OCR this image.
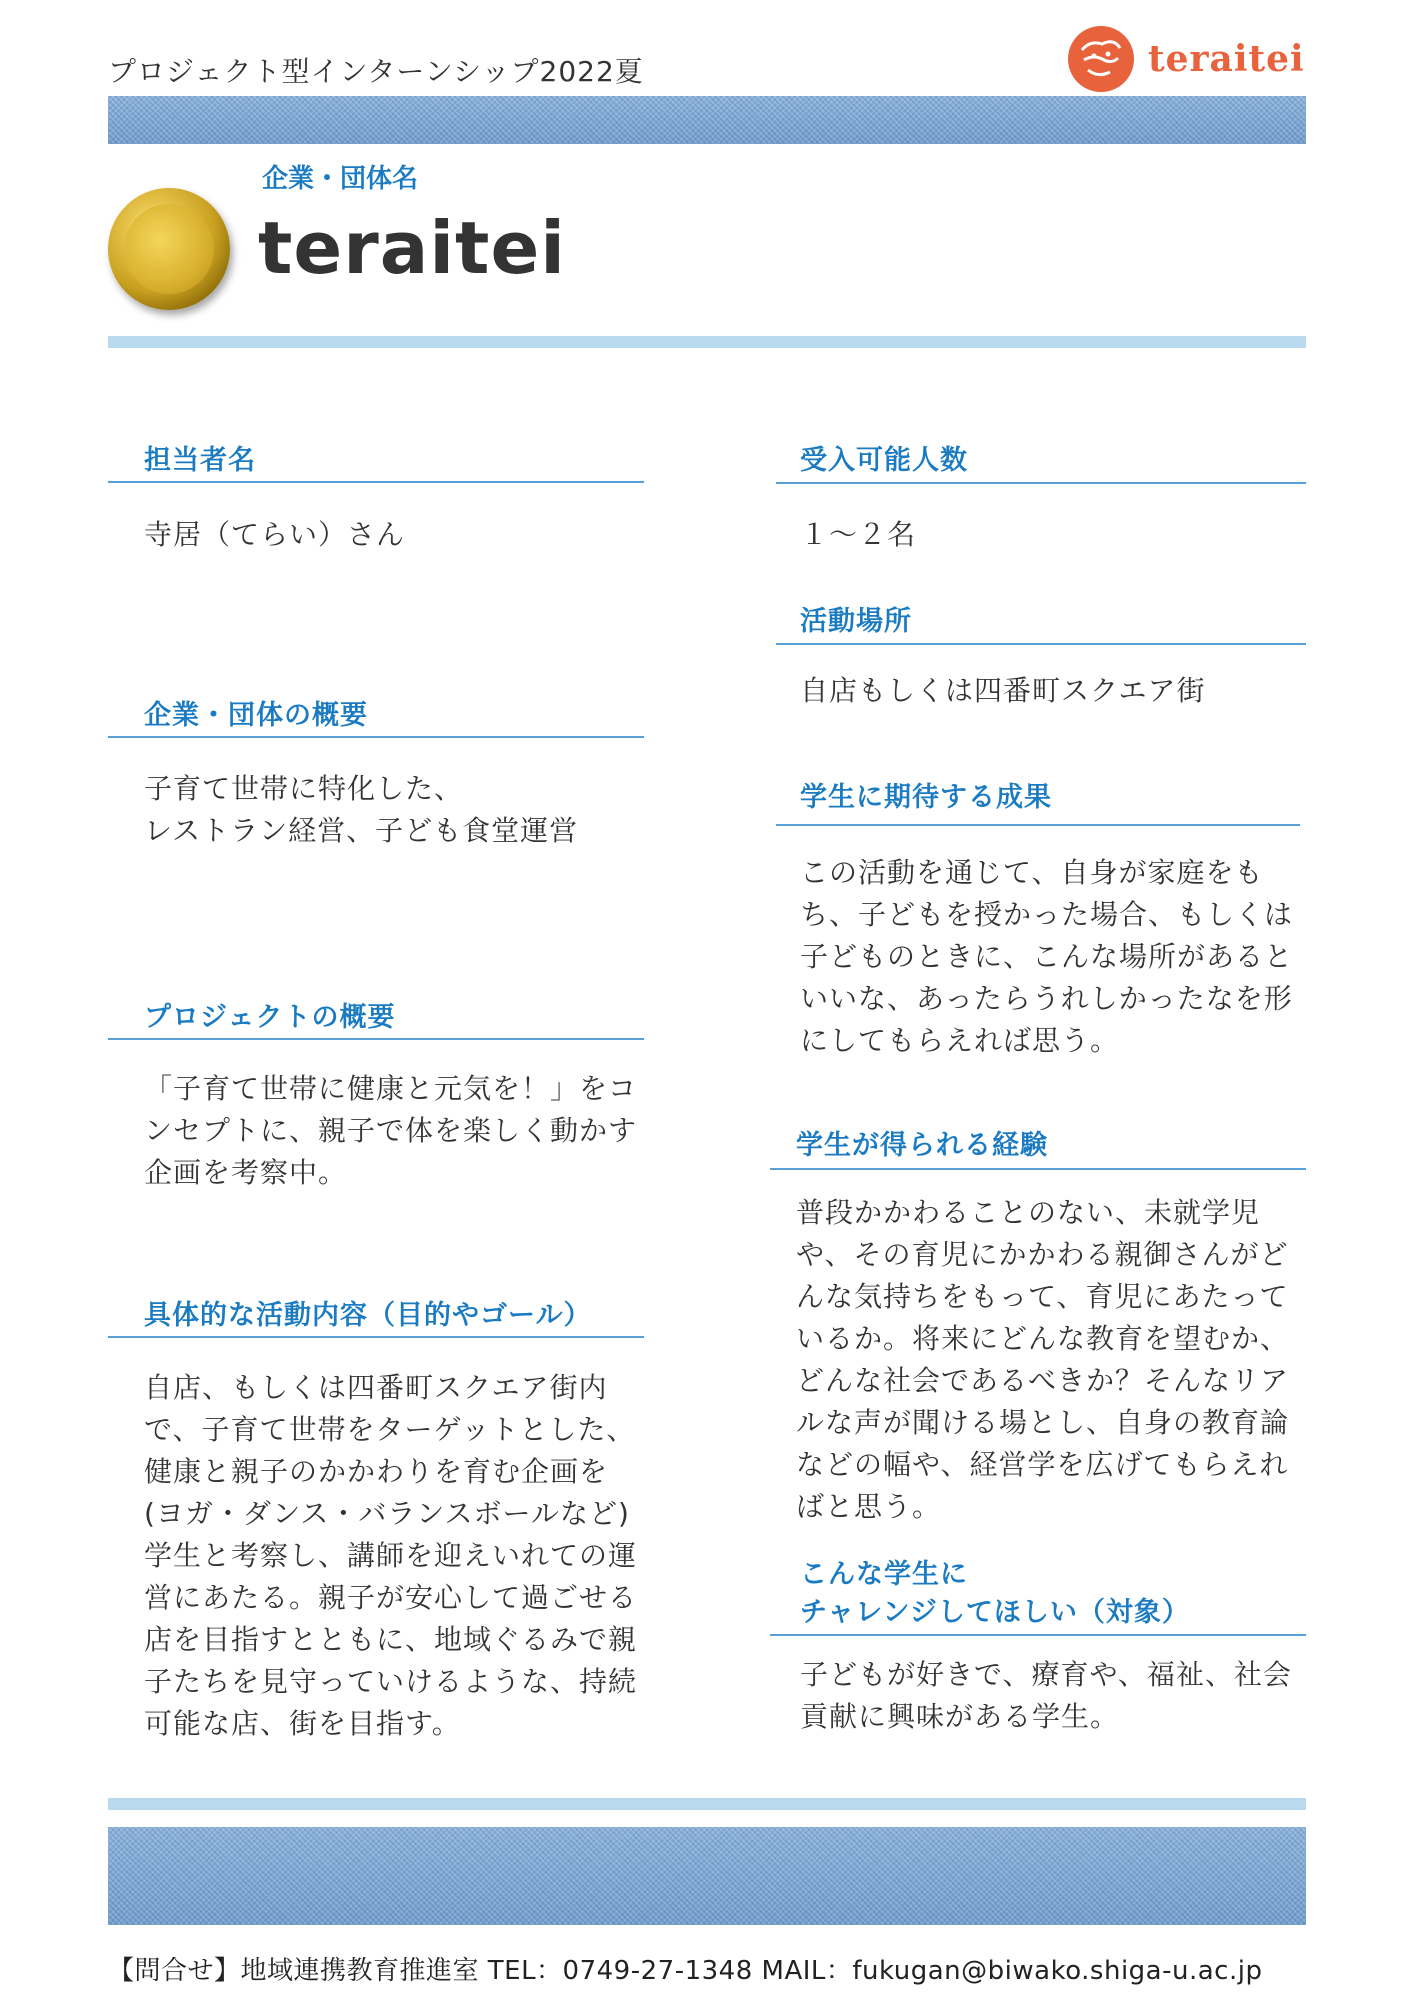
プロジェクト型インターンシップ2022夏	teraitei
企業・団体名
teraitei
担当者名
寺居（てらい）さん
企業・団体の概要
子育て世帯に特化した、
レストラン経営、子ども食堂運営
プロジェクトの概要
「子育て世帯に健康と元気を！」をコ
ンセプトに、親子で体を楽しく動かす
企画を考察中。
具体的な活動内容（目的やゴール）
自店、もしくは四番町スクエア街内
で、子育て世帯をターゲットとした、
健康と親子のかかわりを育む企画を
(ヨガ・ダンス・バランスボールなど)
学生と考察し、講師を迎えいれての運
営にあたる。親子が安心して過ごせる
店を目指すとともに、地域ぐるみで親
子たちを見守っていけるような、持続
可能な店、街を目指す。
受入可能人数
１～２名
活動場所
自店もしくは四番町スクエア街
学生に期待する成果
この活動を通じて、自身が家庭をも
ち、子どもを授かった場合、もしくは
子どものときに、こんな場所があると
いいな、あったらうれしかったなを形
にしてもらえれば思う。
学生が得られる経験
普段かかわることのない、未就学児
や、その育児にかかわる親御さんがど
んな気持ちをもって、育児にあたって
いるか。将来にどんな教育を望むか、
どんな社会であるべきか？そんなリア
ルな声が聞ける場とし、自身の教育論
などの幅や、経営学を広げてもらえれ
ばと思う。
こんな学生に
チャレンジしてほしい（対象）
子どもが好きで、療育や、福祉、社会
貢献に興味がある学生。
【問合せ】地域連携教育推進室 TEL：0749-27-1348 MAIL：fukugan@biwako.shiga-u.ac.jp
